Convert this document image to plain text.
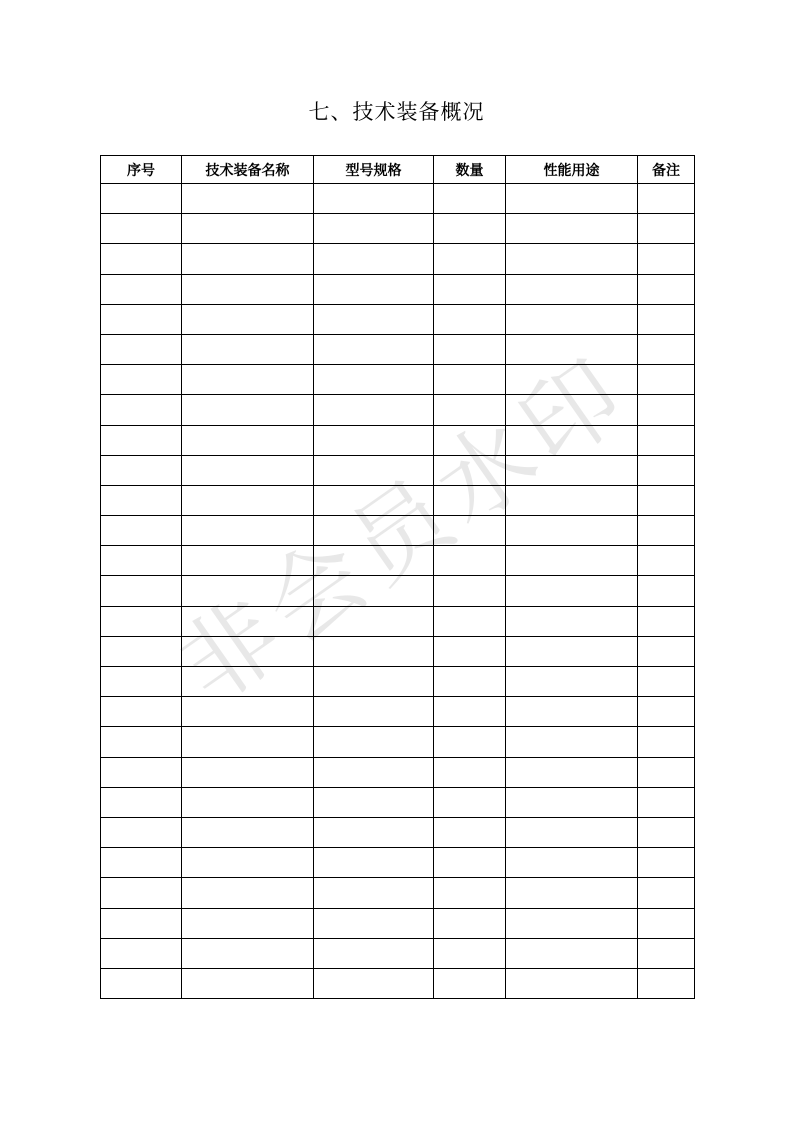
七、技术装备概况
序号	技术装备名称	型号规格	数量	性能用途	备注

非会员水印
